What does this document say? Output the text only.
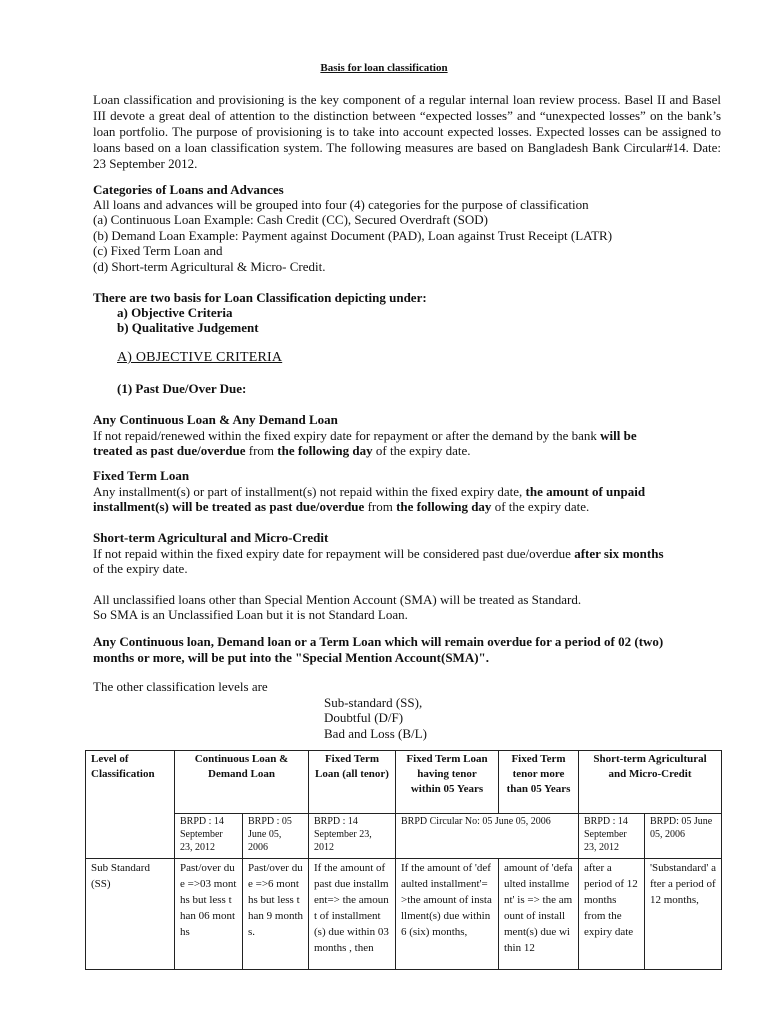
Basis for loan classification

Loan classification and provisioning is the key component of a regular internal loan review process. Basel II and Basel III devote a great deal of attention to the distinction between “expected losses” and “unexpected losses” on the bank’s loan portfolio. The purpose of provisioning is to take into account expected losses. Expected losses can be assigned to loans based on a loan classification system. The following measures are based on Bangladesh Bank Circular#14. Date: 23 September 2012.

Categories of Loans and Advances
All loans and advances will be grouped into four (4) categories for the purpose of classification
(a) Continuous Loan Example: Cash Credit (CC), Secured Overdraft (SOD)
(b) Demand Loan Example: Payment against Document (PAD), Loan against Trust Receipt (LATR)
(c) Fixed Term Loan and
(d) Short-term Agricultural & Micro- Credit.
There are two basis for Loan Classification depicting under:
a) Objective Criteria
b) Qualitative Judgement
A) OBJECTIVE CRITERIA
(1) Past Due/Over Due:
Any Continuous Loan & Any Demand Loan
If not repaid/renewed within the fixed expiry date for repayment or after the demand by the bank will be
treated as past due/overdue from the following day of the expiry date.
Fixed Term Loan
Any installment(s) or part of installment(s) not repaid within the fixed expiry date, the amount of unpaid
installment(s) will be treated as past due/overdue from the following day of the expiry date.
Short-term Agricultural and Micro-Credit
If not repaid within the fixed expiry date for repayment will be considered past due/overdue after six months
of the expiry date.
All unclassified loans other than Special Mention Account (SMA) will be treated as Standard.
So SMA is an Unclassified Loan but it is not Standard Loan.
Any Continuous loan, Demand loan or a Term Loan which will remain overdue for a period of 02 (two)
months or more, will be put into the "Special Mention Account(SMA)".
The other classification levels are
Sub-standard (SS),
Doubtful (D/F)
Bad and Loss (B/L)
Level of Classification	Continuous Loan & Demand Loan		Fixed Term Loan (all tenor)	Fixed Term Loan having tenor within 05 Years	Fixed Term tenor more than 05 Years	Short-term Agricultural and Micro-Credit	
	BRPD : 14 September 23, 2012	BRPD : 05 June 05, 2006	BRPD : 14 September 23, 2012	BRPD Circular No: 05 June 05, 2006		BRPD : 14 September 23, 2012	BRPD: 05 June 05, 2006
Sub Standard (SS)	Past/over due =>03 months but less than 06 months	Past/over due =>6 months but less than 9 months.	If the amount of past due installment=> the amount of installment(s) due within 03 months , then	If the amount of 'defaulted installment'=>the amount of installment(s) due within 6 (six) months,	amount of 'defaulted installment' is => the amount of installment(s) due within 12	after a period of 12 months from the expiry date	'Substandard' after a period of 12 months,
